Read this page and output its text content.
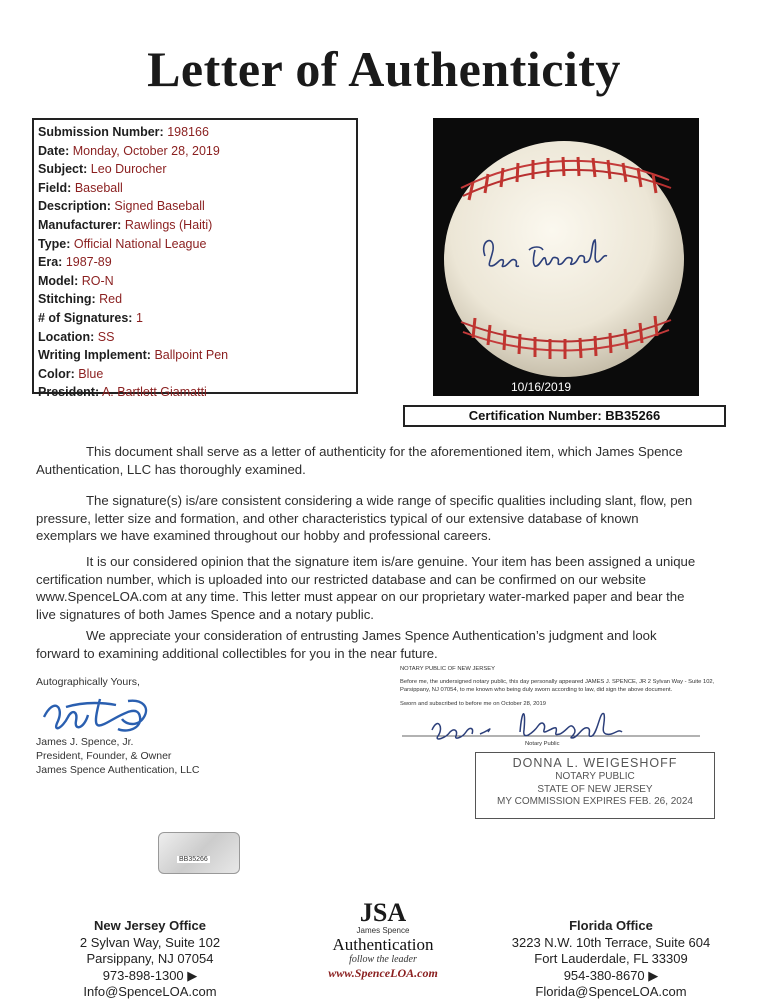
Letter of Authenticity
Submission Number: 198166
Date: Monday, October 28, 2019
Subject: Leo Durocher
Field: Baseball
Description: Signed Baseball
Manufacturer: Rawlings (Haiti)
Type: Official National League
Era: 1987-89
Model: RO-N
Stitching: Red
# of Signatures: 1
Location: SS
Writing Implement: Ballpoint Pen
Color: Blue
President: A. Bartlett Giamatti	10/16/2019
Certification Number: BB35266
This document shall serve as a letter of authenticity for the aforementioned item, which James Spence Authentication, LLC has thoroughly examined.
The signature(s) is/are consistent considering a wide range of specific qualities including slant, flow, pen pressure, letter size and formation, and other characteristics typical of our extensive database of known exemplars we have examined throughout our hobby and professional careers.
It is our considered opinion that the signature item is/are genuine. Your item has been assigned a unique certification number, which is uploaded into our restricted database and can be confirmed on our website www.SpenceLOA.com at any time. This letter must appear on our proprietary water-marked paper and bear the live signatures of both James Spence and a notary public.
We appreciate your consideration of entrusting James Spence Authentication’s judgment and look forward to examining additional collectibles for you in the near future.
Autographically Yours,
James J. Spence, Jr.
President, Founder, & Owner
James Spence Authentication, LLC
NOTARY PUBLIC OF NEW JERSEY
Before me, the undersigned notary public, this day personally appeared JAMES J. SPENCE, JR 2 Sylvan Way - Suite 102, Parsippany, NJ 07054, to me known who being duly sworn according to law, did sign the above document.
Sworn and subscribed to before me on October 28, 2019
Notary Public
DONNA L. WEIGESHOFF
NOTARY PUBLIC
STATE OF NEW JERSEY
MY COMMISSION EXPIRES FEB. 26, 2024
BB35266
New Jersey Office
2 Sylvan Way, Suite 102
Parsippany, NJ 07054
973-898-1300 ▶ Info@SpenceLOA.com
JSA
James Spence
Authentication
follow the leader
www.SpenceLOA.com
Florida Office
3223 N.W. 10th Terrace, Suite 604
Fort Lauderdale, FL 33309
954-380-8670 ▶ Florida@SpenceLOA.com
